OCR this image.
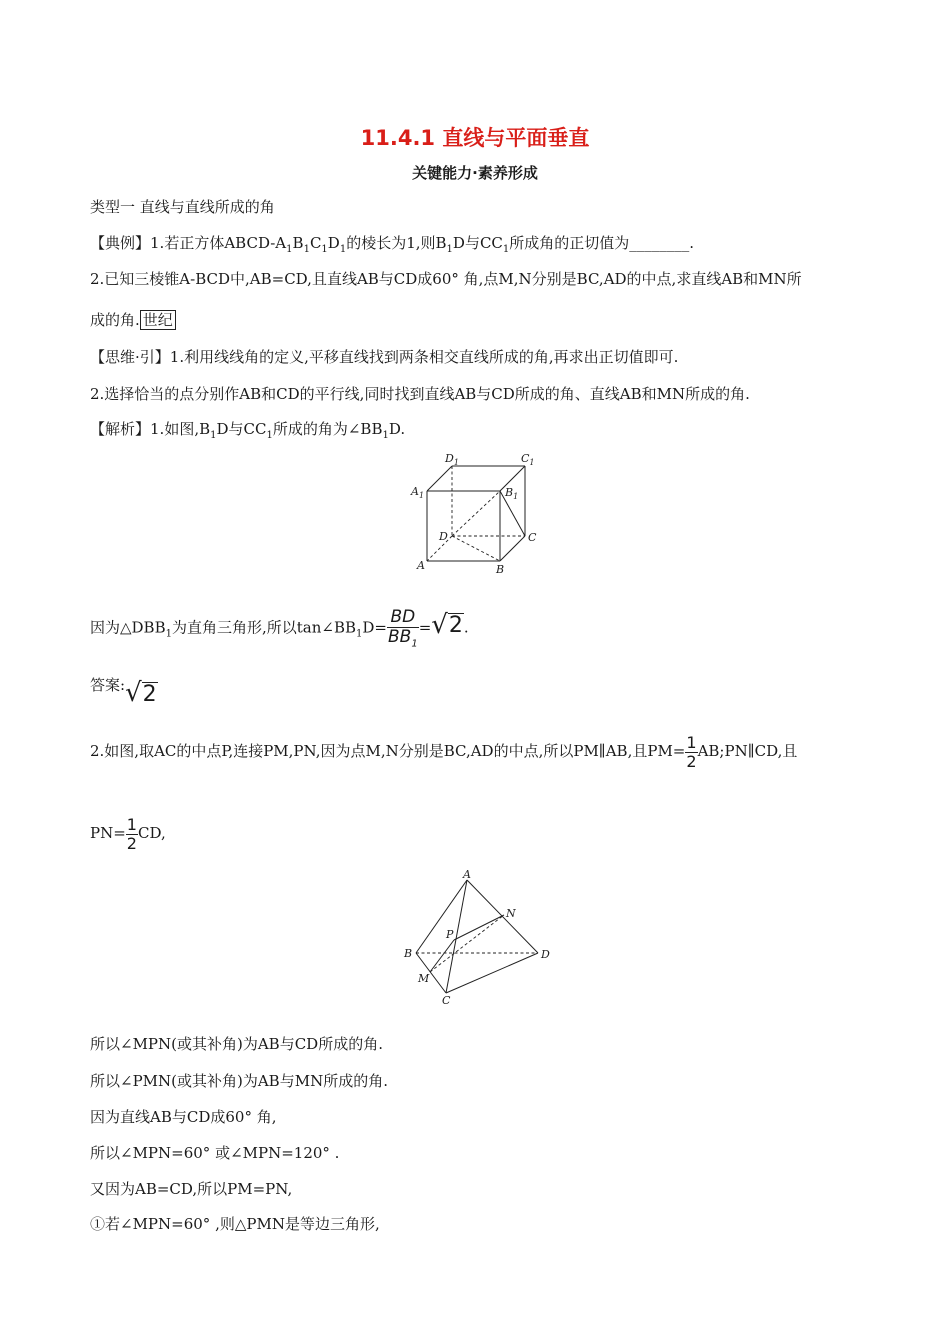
11.4.1 直线与平面垂直
关键能力·素养形成
类型一 直线与直线所成的角
【典例】1.若正方体ABCD-$A_1B_1C_1D_1$的棱长为1,则$B_1D$与$CC_1$所成角的正切值为________.
2.已知三棱锥A-BCD中,AB=CD,且直线AB与CD成60° 角,点M,N分别是BC,AD的中点,求直线AB和MN所
成的角. 世纪
【思维·引】1.利用线线角的定义,平移直线找到两条相交直线所成的角,再求出正切值即可.
2.选择恰当的点分别作AB和CD的平行线,同时找到直线AB与CD所成的角、直线AB和MN所成的角.
【解析】1.如图$,B_1D$与$CC_1$所成的角为$\angle BB_1D$.
$D_1$	$C_1$
$A_1$	$B_1$
D	C
A	B
因为$\triangle DBB_1$为直角三角形,所以$\tan\angle BB_1D= \frac{BD}{BB_1}$ = √ 2 .
答案: √ 2
2.如图,取AC的中点P,连接PM,PN,因为点M,N分别是BC,AD的中点,所以PM∥AB,且$PM= \frac{1}{2}$ AB;PN∥CD,且
$PN= \frac{1}{2}$ CD,
A
N
P
B	D
M
C
所以∠MPN(或其补角)为AB与CD所成的角.
所以∠PMN(或其补角)为AB与MN所成的角.
因为直线AB与CD成60° 角,
所以∠MPN=60° 或∠MPN=120° .
又因为AB=CD,所以PM=PN,
①若∠MPN=60° ,则△PMN是等边三角形,
